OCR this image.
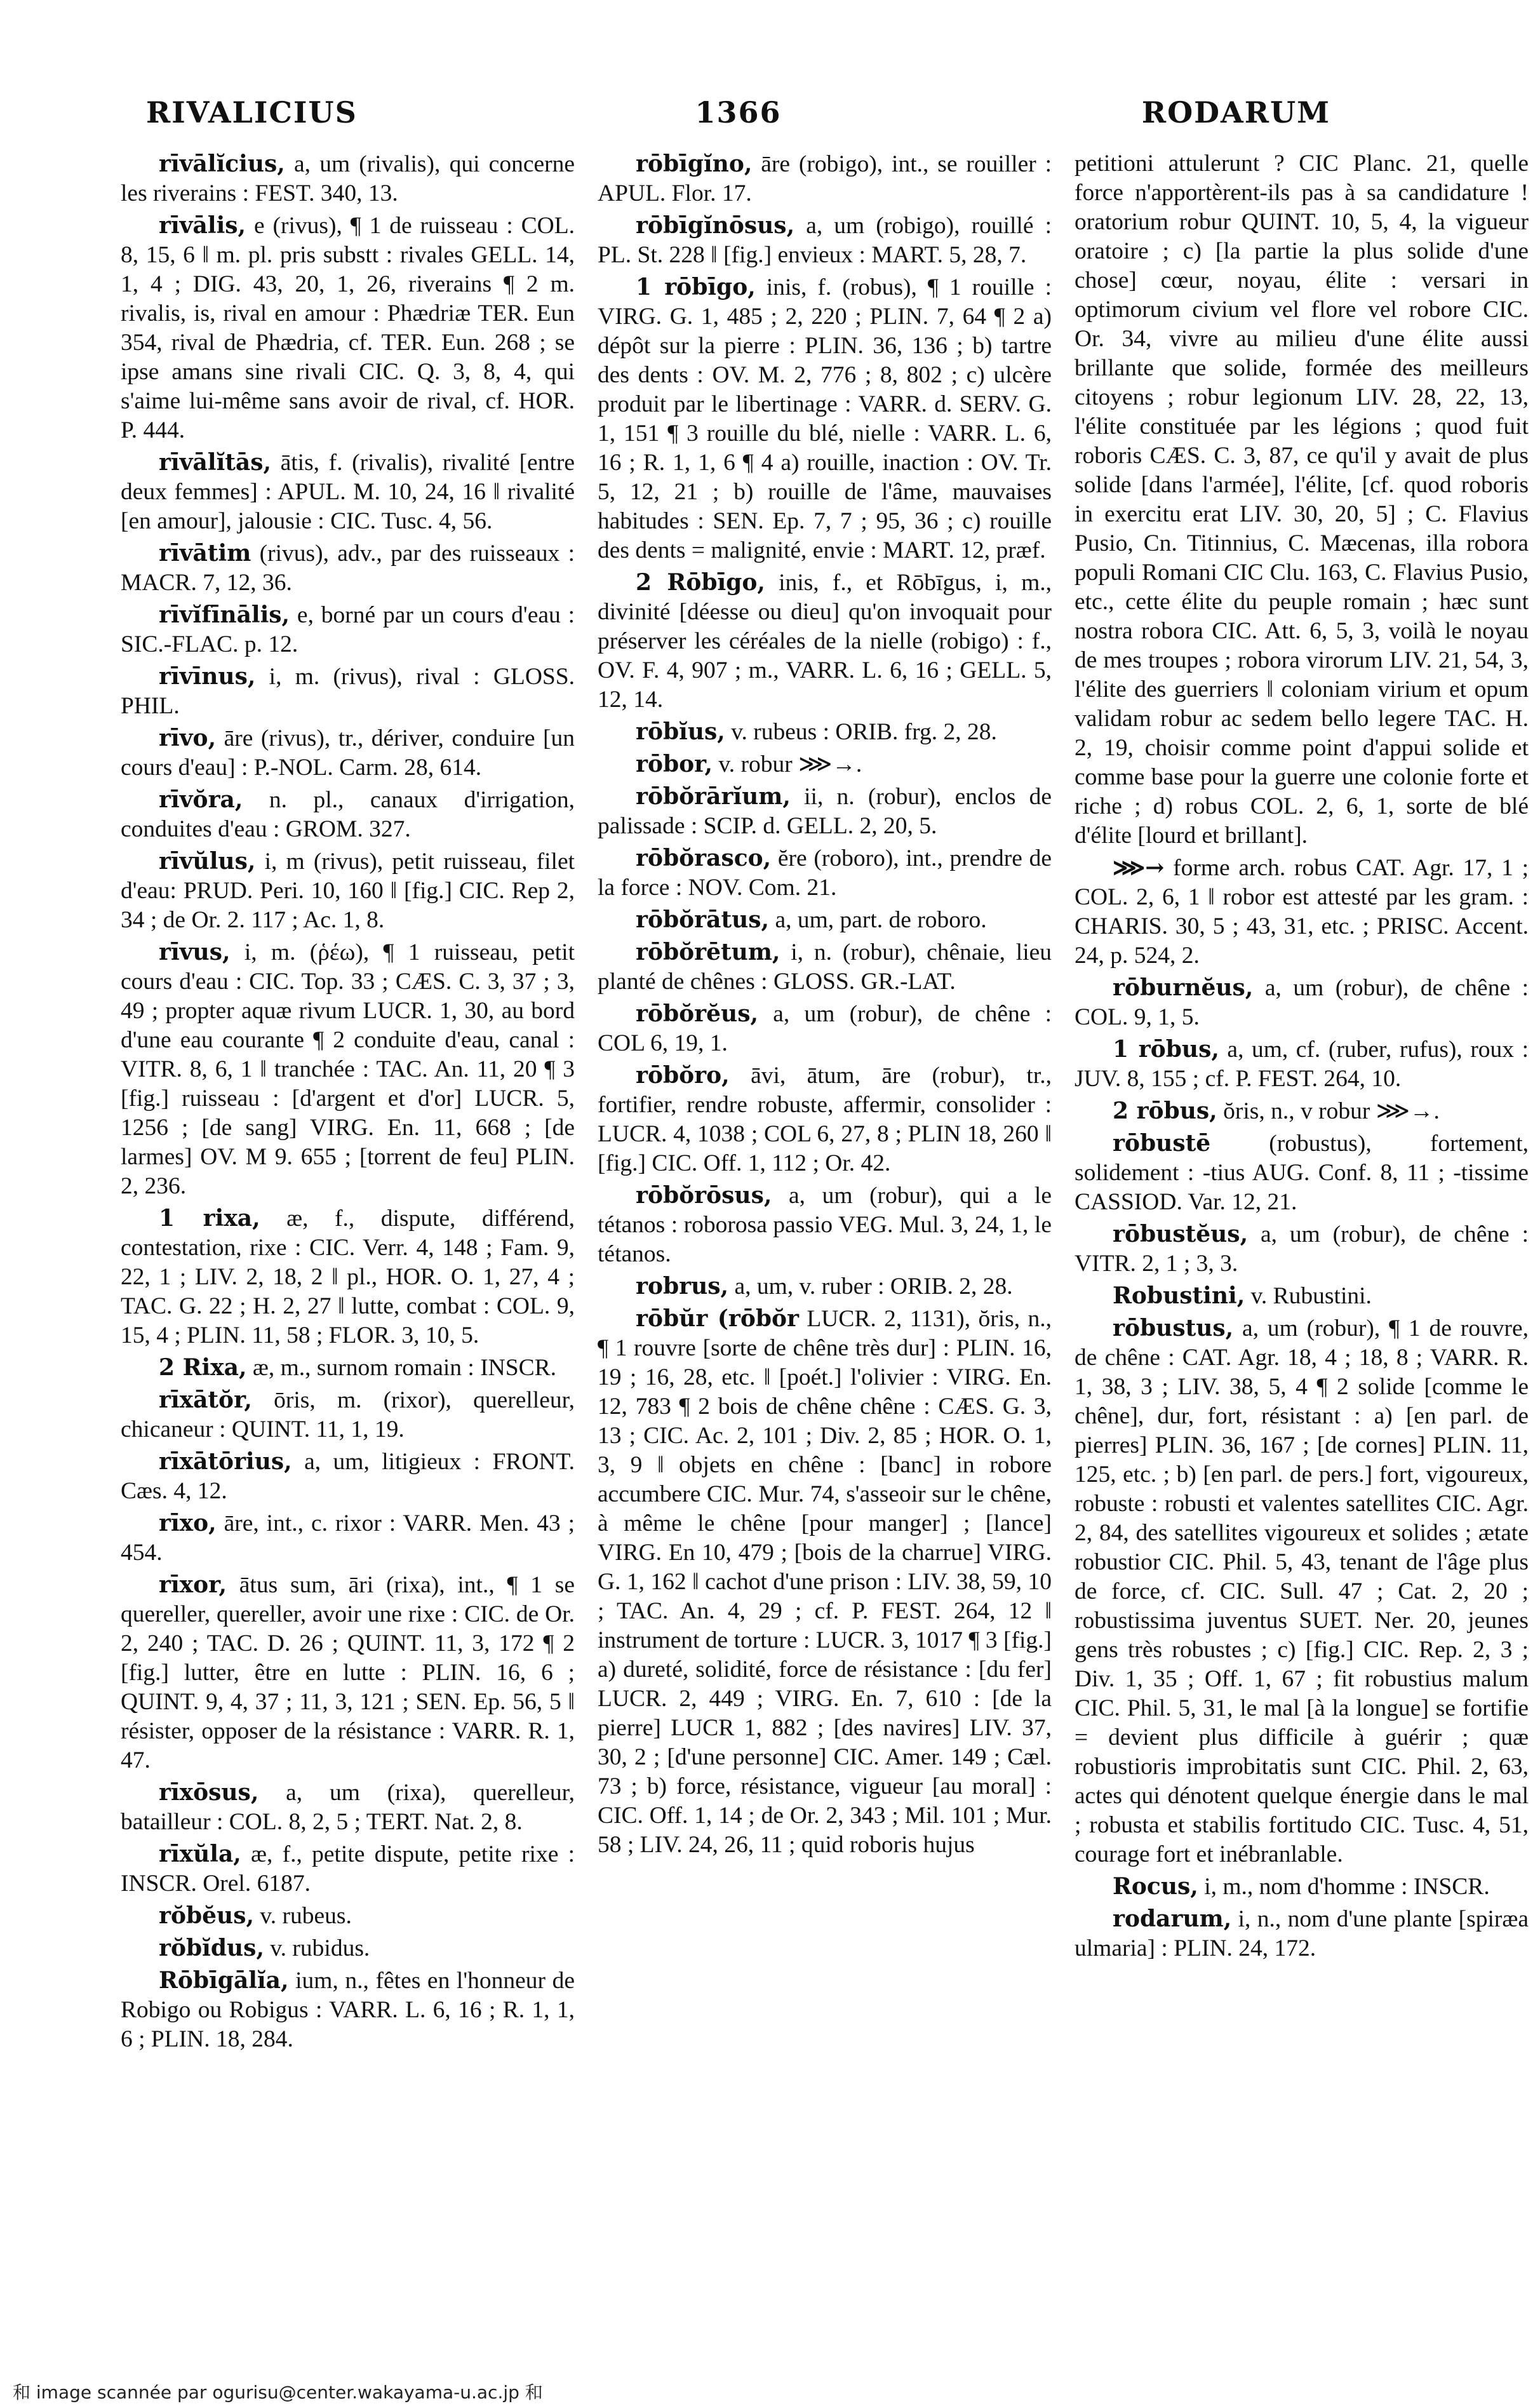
RIVALICIUS	1366	RODARUM

rīvālĭcius, a, um (rivalis), qui concerne les riverains : FEST. 340, 13.

rīvālis, e (rivus), ¶ 1 de ruisseau : COL. 8, 15, 6 ‖ m. pl. pris substt : rivales GELL. 14, 1, 4 ; DIG. 43, 20, 1, 26, riverains ¶ 2 m. rivalis, is, rival en amour : Phædriæ TER. Eun 354, rival de Phædria, cf. TER. Eun. 268 ; se ipse amans sine rivali CIC. Q. 3, 8, 4, qui s'aime lui-même sans avoir de rival, cf. HOR. P. 444.

rīvālĭtās, ātis, f. (rivalis), rivalité [entre deux femmes] : APUL. M. 10, 24, 16 ‖ rivalité [en amour], jalousie : CIC. Tusc. 4, 56.

rīvātim (rivus), adv., par des ruisseaux : MACR. 7, 12, 36.

rīvĭfīnālis, e, borné par un cours d'eau : SIC.-FLAC. p. 12.

rīvīnus, i, m. (rivus), rival : GLOSS. PHIL.

rīvo, āre (rivus), tr., dériver, conduire [un cours d'eau] : P.-NOL. Carm. 28, 614.

rīvŏra, n. pl., canaux d'irrigation, conduites d'eau : GROM. 327.

rīvŭlus, i, m (rivus), petit ruisseau, filet d'eau: PRUD. Peri. 10, 160 ‖ [fig.] CIC. Rep 2, 34 ; de Or. 2. 117 ; Ac. 1, 8.

rīvus, i, m. (ῥέω), ¶ 1 ruisseau, petit cours d'eau : CIC. Top. 33 ; CÆS. C. 3, 37 ; 3, 49 ; propter aquæ rivum LUCR. 1, 30, au bord d'une eau courante ¶ 2 conduite d'eau, canal : VITR. 8, 6, 1 ‖ tranchée : TAC. An. 11, 20 ¶ 3 [fig.] ruisseau : [d'argent et d'or] LUCR. 5, 1256 ; [de sang] VIRG. En. 11, 668 ; [de larmes] OV. M 9. 655 ; [torrent de feu] PLIN. 2, 236.

1 rixa, æ, f., dispute, différend, contestation, rixe : CIC. Verr. 4, 148 ; Fam. 9, 22, 1 ; LIV. 2, 18, 2 ‖ pl., HOR. O. 1, 27, 4 ; TAC. G. 22 ; H. 2, 27 ‖ lutte, combat : COL. 9, 15, 4 ; PLIN. 11, 58 ; FLOR. 3, 10, 5.

2 Rixa, æ, m., surnom romain : INSCR.

rīxātŏr, ōris, m. (rixor), querelleur, chicaneur : QUINT. 11, 1, 19.

rīxātōrius, a, um, litigieux : FRONT. Cæs. 4, 12.

rīxo, āre, int., c. rixor : VARR. Men. 43 ; 454.

rīxor, ātus sum, āri (rixa), int., ¶ 1 se quereller, quereller, avoir une rixe : CIC. de Or. 2, 240 ; TAC. D. 26 ; QUINT. 11, 3, 172 ¶ 2 [fig.] lutter, être en lutte : PLIN. 16, 6 ; QUINT. 9, 4, 37 ; 11, 3, 121 ; SEN. Ep. 56, 5 ‖ résister, opposer de la résistance : VARR. R. 1, 47.

rīxōsus, a, um (rixa), querelleur, batailleur : COL. 8, 2, 5 ; TERT. Nat. 2, 8.

rīxŭla, æ, f., petite dispute, petite rixe : INSCR. Orel. 6187.

rŏbĕus, v. rubeus.

rŏbĭdus, v. rubidus.

Rōbīgālĭa, ium, n., fêtes en l'honneur de Robigo ou Robigus : VARR. L. 6, 16 ; R. 1, 1, 6 ; PLIN. 18, 284.

rōbīgĭno, āre (robigo), int., se rouiller : APUL. Flor. 17.

rōbīgĭnōsus, a, um (robigo), rouillé : PL. St. 228 ‖ [fig.] envieux : MART. 5, 28, 7.

1 rōbīgo, inis, f. (robus), ¶ 1 rouille : VIRG. G. 1, 485 ; 2, 220 ; PLIN. 7, 64 ¶ 2 a) dépôt sur la pierre : PLIN. 36, 136 ; b) tartre des dents : OV. M. 2, 776 ; 8, 802 ; c) ulcère produit par le libertinage : VARR. d. SERV. G. 1, 151 ¶ 3 rouille du blé, nielle : VARR. L. 6, 16 ; R. 1, 1, 6 ¶ 4 a) rouille, inaction : OV. Tr. 5, 12, 21 ; b) rouille de l'âme, mauvaises habitudes : SEN. Ep. 7, 7 ; 95, 36 ; c) rouille des dents = malignité, envie : MART. 12, præf.

2 Rōbīgo, inis, f., et Rōbīgus, i, m., divinité [déesse ou dieu] qu'on invoquait pour préserver les céréales de la nielle (robigo) : f., OV. F. 4, 907 ; m., VARR. L. 6, 16 ; GELL. 5, 12, 14.

rōbĭus, v. rubeus : ORIB. frg. 2, 28.

rōbor, v. robur ⋙→.

rōbŏrārĭum, ii, n. (robur), enclos de palissade : SCIP. d. GELL. 2, 20, 5.

rōbŏrasco, ĕre (roboro), int., prendre de la force : NOV. Com. 21.

rōbŏrātus, a, um, part. de roboro.

rōbŏrētum, i, n. (robur), chênaie, lieu planté de chênes : GLOSS. GR.-LAT.

rōbŏrĕus, a, um (robur), de chêne : COL 6, 19, 1.

rōbŏro, āvi, ātum, āre (robur), tr., fortifier, rendre robuste, affermir, consolider : LUCR. 4, 1038 ; COL 6, 27, 8 ; PLIN 18, 260 ‖ [fig.] CIC. Off. 1, 112 ; Or. 42.

rōbŏrōsus, a, um (robur), qui a le tétanos : roborosa passio VEG. Mul. 3, 24, 1, le tétanos.

robrus, a, um, v. ruber : ORIB. 2, 28.

rōbŭr (rōbŏr LUCR. 2, 1131), ŏris, n., ¶ 1 rouvre [sorte de chêne très dur] : PLIN. 16, 19 ; 16, 28, etc. ‖ [poét.] l'olivier : VIRG. En. 12, 783 ¶ 2 bois de chêne chêne : CÆS. G. 3, 13 ; CIC. Ac. 2, 101 ; Div. 2, 85 ; HOR. O. 1, 3, 9 ‖ objets en chêne : [banc] in robore accumbere CIC. Mur. 74, s'asseoir sur le chêne, à même le chêne [pour manger] ; [lance] VIRG. En 10, 479 ; [bois de la charrue] VIRG. G. 1, 162 ‖ cachot d'une prison : LIV. 38, 59, 10 ; TAC. An. 4, 29 ; cf. P. FEST. 264, 12 ‖ instrument de torture : LUCR. 3, 1017 ¶ 3 [fig.] a) dureté, solidité, force de résistance : [du fer] LUCR. 2, 449 ; VIRG. En. 7, 610 : [de la pierre] LUCR 1, 882 ; [des navires] LIV. 37, 30, 2 ; [d'une personne] CIC. Amer. 149 ; Cæl. 73 ; b) force, résistance, vigueur [au moral] : CIC. Off. 1, 14 ; de Or. 2, 343 ; Mil. 101 ; Mur. 58 ; LIV. 24, 26, 11 ; quid roboris hujus

petitioni attulerunt ? CIC Planc. 21, quelle force n'apportèrent-ils pas à sa candidature ! oratorium robur QUINT. 10, 5, 4, la vigueur oratoire ; c) [la partie la plus solide d'une chose] cœur, noyau, élite : versari in optimorum civium vel flore vel robore CIC. Or. 34, vivre au milieu d'une élite aussi brillante que solide, formée des meilleurs citoyens ; robur legionum LIV. 28, 22, 13, l'élite constituée par les légions ; quod fuit roboris CÆS. C. 3, 87, ce qu'il y avait de plus solide [dans l'armée], l'élite, [cf. quod roboris in exercitu erat LIV. 30, 20, 5] ; C. Flavius Pusio, Cn. Titinnius, C. Mæcenas, illa robora populi Romani CIC Clu. 163, C. Flavius Pusio, etc., cette élite du peuple romain ; hæc sunt nostra robora CIC. Att. 6, 5, 3, voilà le noyau de mes troupes ; robora virorum LIV. 21, 54, 3, l'élite des guerriers ‖ coloniam virium et opum validam robur ac sedem bello legere TAC. H. 2, 19, choisir comme point d'appui solide et comme base pour la guerre une colonie forte et riche ; d) robus COL. 2, 6, 1, sorte de blé d'élite [lourd et brillant].

⋙→ forme arch. robus CAT. Agr. 17, 1 ; COL. 2, 6, 1 ‖ robor est attesté par les gram. : CHARIS. 30, 5 ; 43, 31, etc. ; PRISC. Accent. 24, p. 524, 2.

rōburnĕus, a, um (robur), de chêne : COL. 9, 1, 5.

1 rōbus, a, um, cf. (ruber, rufus), roux : JUV. 8, 155 ; cf. P. FEST. 264, 10.

2 rōbus, ŏris, n., v robur ⋙→.

rōbustē (robustus), fortement, solidement : -tius AUG. Conf. 8, 11 ; -tissime CASSIOD. Var. 12, 21.

rōbustĕus, a, um (robur), de chêne : VITR. 2, 1 ; 3, 3.

Robustini, v. Rubustini.

rōbustus, a, um (robur), ¶ 1 de rouvre, de chêne : CAT. Agr. 18, 4 ; 18, 8 ; VARR. R. 1, 38, 3 ; LIV. 38, 5, 4 ¶ 2 solide [comme le chêne], dur, fort, résistant : a) [en parl. de pierres] PLIN. 36, 167 ; [de cornes] PLIN. 11, 125, etc. ; b) [en parl. de pers.] fort, vigoureux, robuste : robusti et valentes satellites CIC. Agr. 2, 84, des satellites vigoureux et solides ; ætate robustior CIC. Phil. 5, 43, tenant de l'âge plus de force, cf. CIC. Sull. 47 ; Cat. 2, 20 ; robustissima juventus SUET. Ner. 20, jeunes gens très robustes ; c) [fig.] CIC. Rep. 2, 3 ; Div. 1, 35 ; Off. 1, 67 ; fit robustius malum CIC. Phil. 5, 31, le mal [à la longue] se fortifie = devient plus difficile à guérir ; quæ robustioris improbitatis sunt CIC. Phil. 2, 63, actes qui dénotent quelque énergie dans le mal ; robusta et stabilis fortitudo CIC. Tusc. 4, 51, courage fort et inébranlable.

Rocus, i, m., nom d'homme : INSCR.

rodarum, i, n., nom d'une plante [spiræa ulmaria] : PLIN. 24, 172.

和 image scannée par ogurisu@center.wakayama-u.ac.jp 和
